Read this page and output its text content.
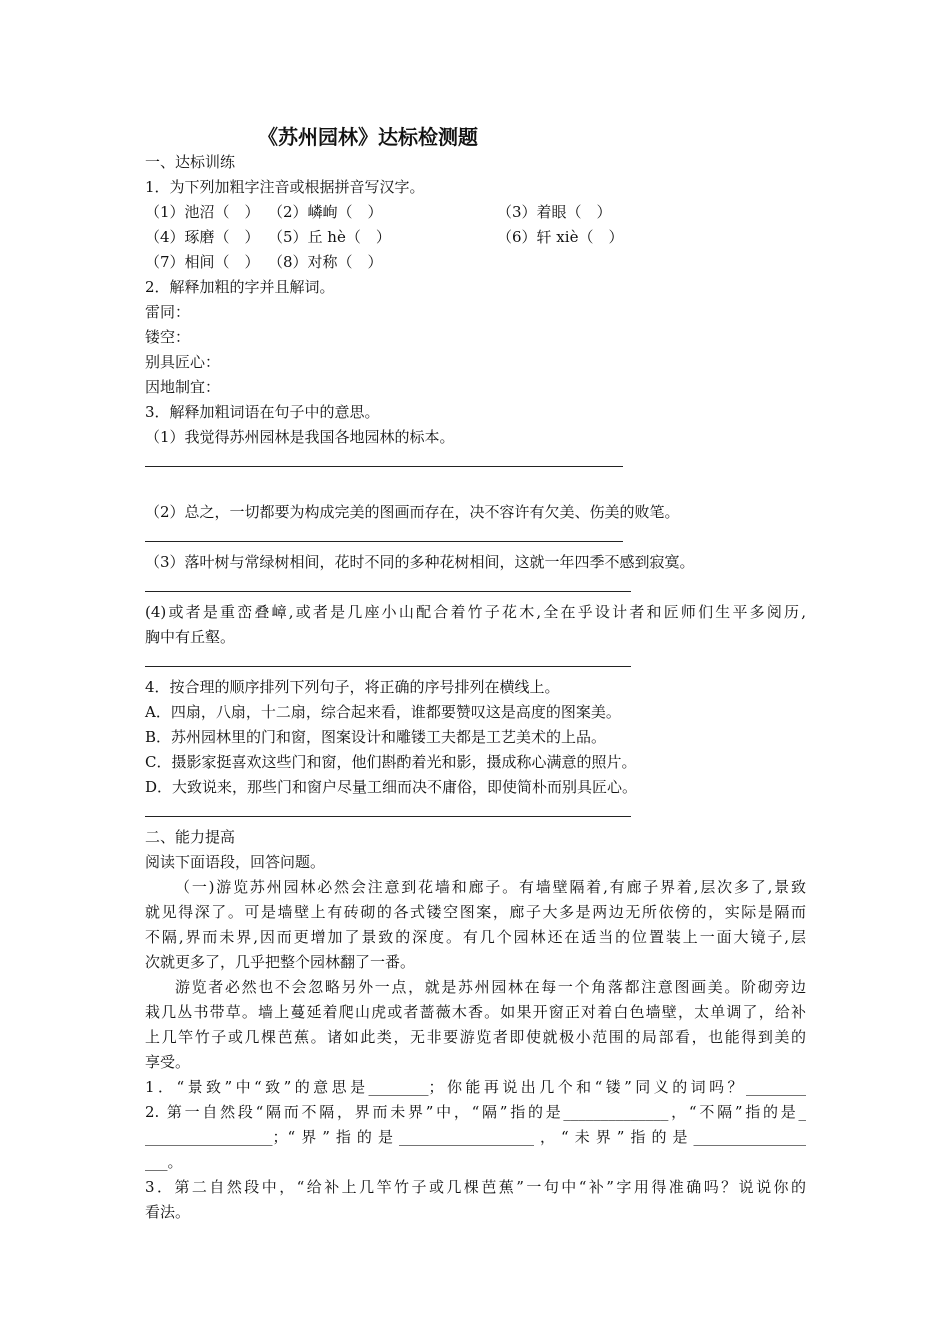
《苏州园林》达标检测题
一、达标训练
1．为下列加粗字注音或根据拼音写汉字。
（1）池沼（　） （2）嶙峋（　）	（3）着眼（　）
（4）琢磨（　） （5）丘 hè（　）	（6）轩 xiè（　）
（7）相间（　） （8）对称（　）
2．解释加粗的字并且解词。
雷同：
镂空：
别具匠心：
因地制宜：
3．解释加粗词语在句子中的意思。
（1）我觉得苏州园林是我国各地园林的标本。
（2）总之，一切都要为构成完美的图画而存在，决不容许有欠美、伤美的败笔。
（3）落叶树与常绿树相间，花时不同的多种花树相间，这就一年四季不感到寂寞。
(4)或者是重峦叠嶂,或者是几座小山配合着竹子花木,全在乎设计者和匠师们生平多阅历,
胸中有丘壑。
4．按合理的顺序排列下列句子，将正确的序号排列在横线上。
A．四扇，八扇，十二扇，综合起来看，谁都要赞叹这是高度的图案美。
B．苏州园林里的门和窗，图案设计和雕镂工夫都是工艺美术的上品。
C．摄影家挺喜欢这些门和窗，他们斟酌着光和影，摄成称心满意的照片。
D．大致说来，那些门和窗户尽量工细而决不庸俗，即使简朴而别具匠心。
二、能力提高
阅读下面语段，回答问题。
（一)游览苏州园林必然会注意到花墙和廊子。有墙壁隔着,有廊子界着,层次多了,景致
就见得深了。可是墙壁上有砖砌的各式镂空图案，廊子大多是两边无所依傍的，实际是隔而
不隔,界而未界,因而更增加了景致的深度。有几个园林还在适当的位置装上一面大镜子,层
次就更多了，几乎把整个园林翻了一番。
游览者必然也不会忽略另外一点，就是苏州园林在每一个角落都注意图画美。阶砌旁边
栽几丛书带草。墙上蔓延着爬山虎或者蔷薇木香。如果开窗正对着白色墙壁，太单调了，给补
上几竿竹子或几棵芭蕉。诸如此类，无非要游览者即使就极小范围的局部看，也能得到美的
享受。
1．“景致”中“致”的意思是________；你能再说出几个和“镂”同义的词吗？________
2. 第一自然段“隔而不隔，界而未界”中，“隔”指的是______________，“不隔”指的是_
_________________；“界”指的是__________________，“未界”指的是_______________
___。
3．第二自然段中，“给补上几竿竹子或几棵芭蕉”一句中“补”字用得准确吗？说说你的
看法。
